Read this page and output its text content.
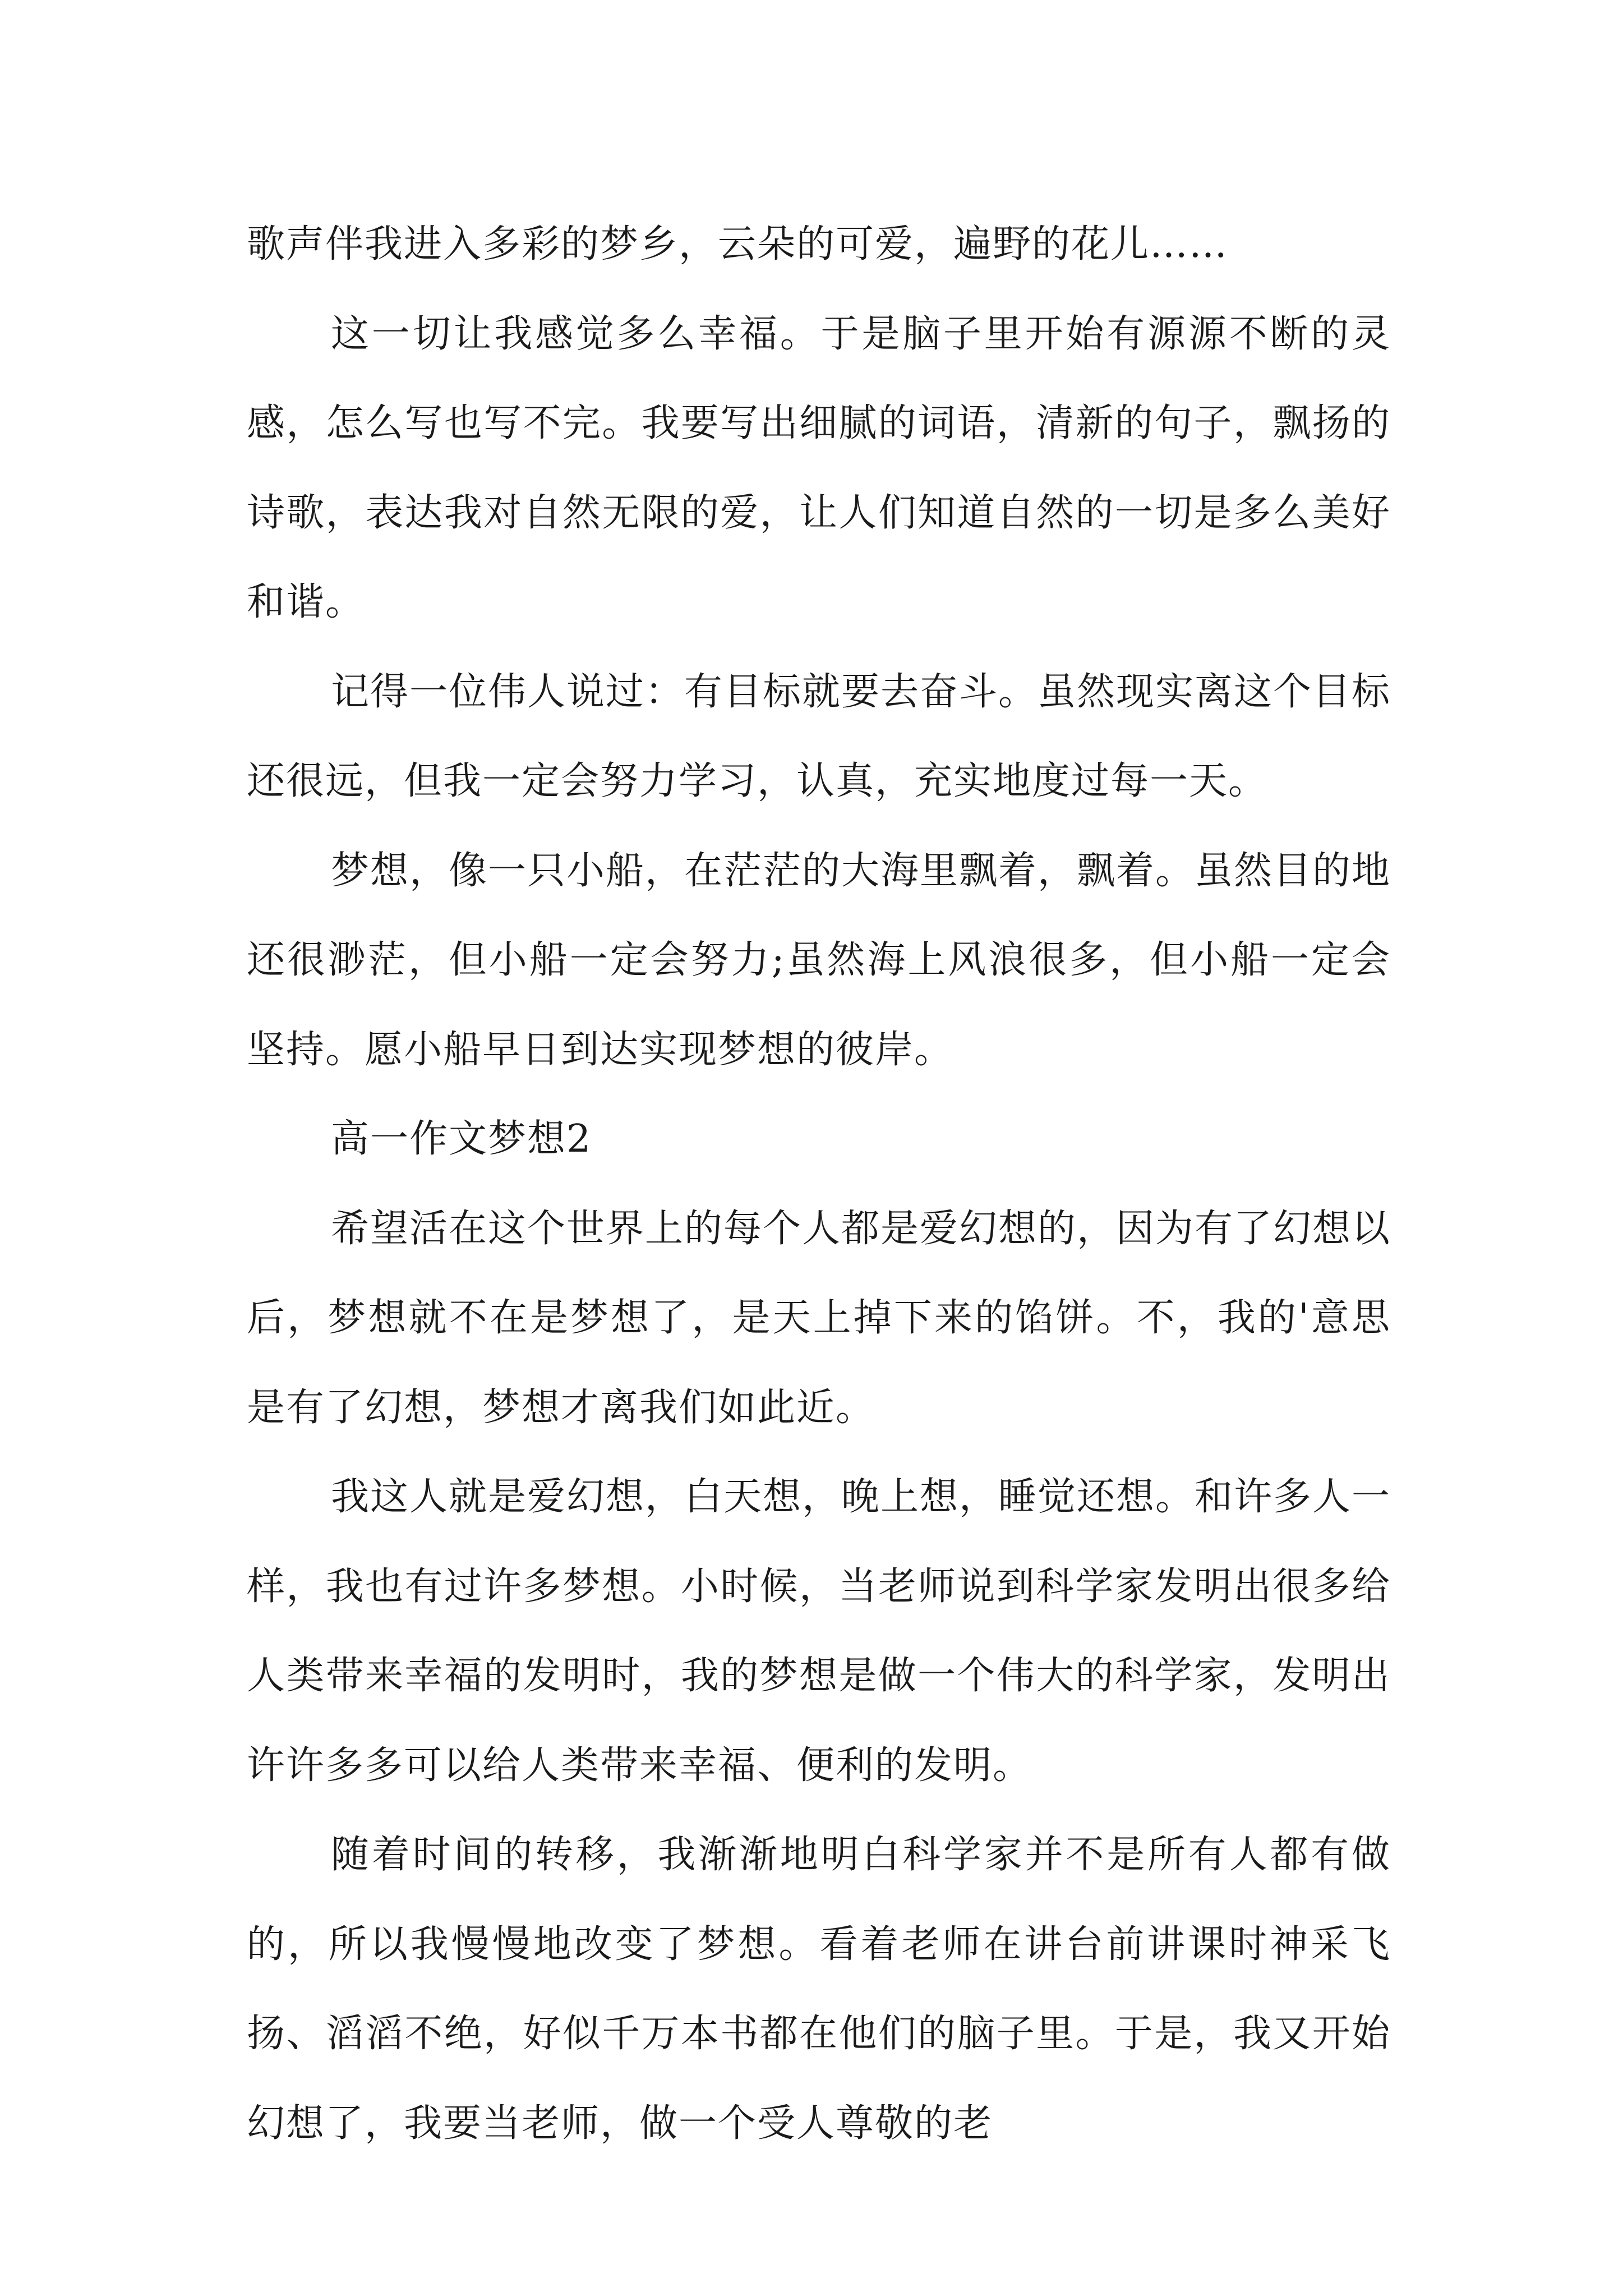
歌声伴我进入多彩的梦乡，云朵的可爱，遍野的花儿……

这一切让我感觉多么幸福。于是脑子里开始有源源不断的灵感，怎么写也写不完。我要写出细腻的词语，清新的句子，飘扬的诗歌，表达我对自然无限的爱，让人们知道自然的一切是多么美好和谐。

记得一位伟人说过：有目标就要去奋斗。虽然现实离这个目标还很远，但我一定会努力学习，认真，充实地度过每一天。

梦想，像一只小船，在茫茫的大海里飘着，飘着。虽然目的地还很渺茫，但小船一定会努力;虽然海上风浪很多，但小船一定会坚持。愿小船早日到达实现梦想的彼岸。

高一作文梦想2

希望活在这个世界上的每个人都是爱幻想的，因为有了幻想以后，梦想就不在是梦想了，是天上掉下来的馅饼。不，我的'意思是有了幻想，梦想才离我们如此近。

我这人就是爱幻想，白天想，晚上想，睡觉还想。和许多人一样，我也有过许多梦想。小时候，当老师说到科学家发明出很多给人类带来幸福的发明时，我的梦想是做一个伟大的科学家，发明出许许多多可以给人类带来幸福、便利的发明。

随着时间的转移，我渐渐地明白科学家并不是所有人都有做的，所以我慢慢地改变了梦想。看着老师在讲台前讲课时神采飞扬、滔滔不绝，好似千万本书都在他们的脑子里。于是，我又开始幻想了，我要当老师，做一个受人尊敬的老
